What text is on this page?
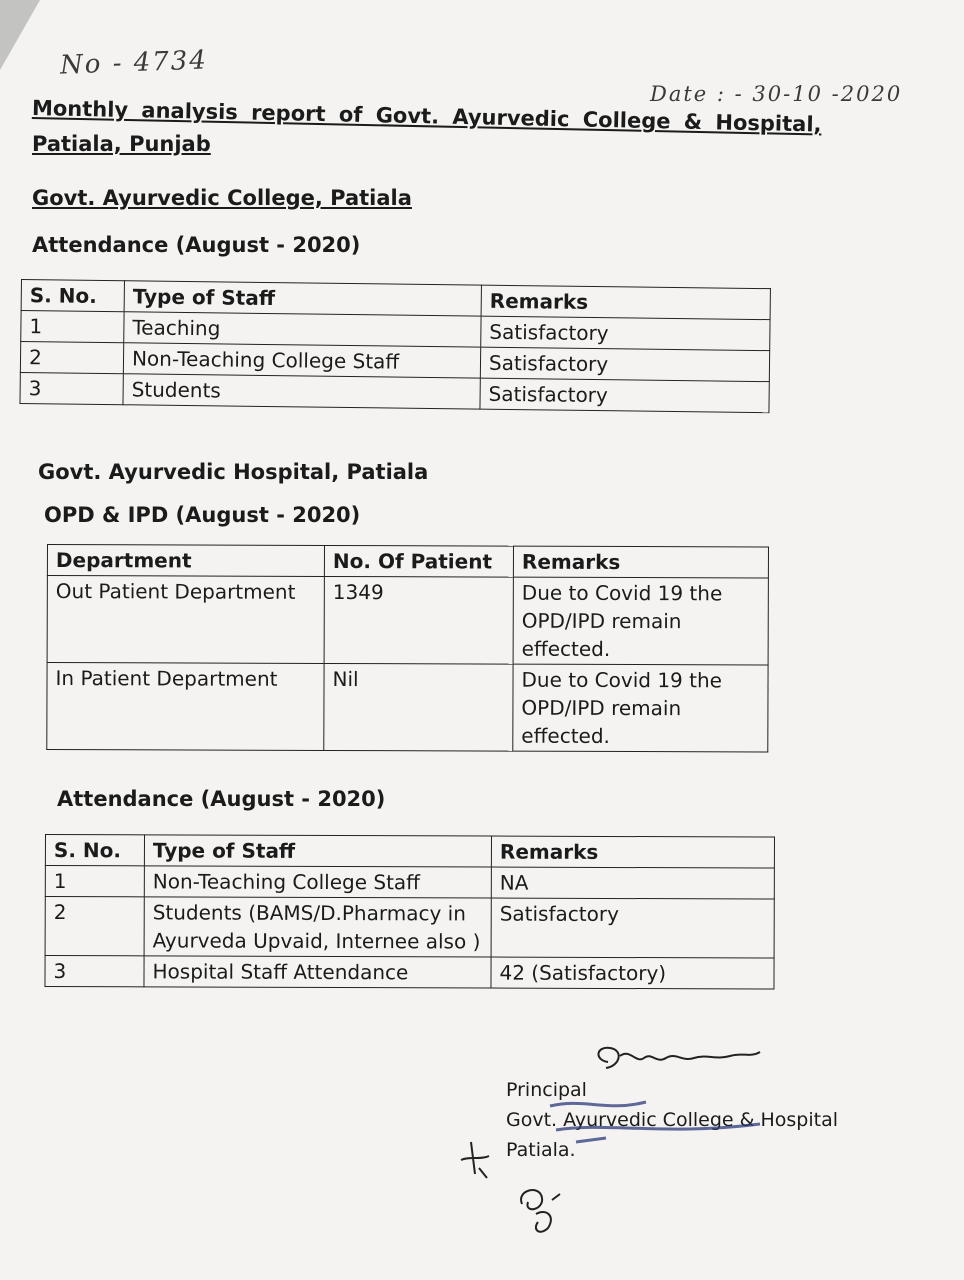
No - 4734
Date : - 30-10 -2020
Monthly analysis report of Govt. Ayurvedic College & Hospital,
Patiala, Punjab
Govt. Ayurvedic College, Patiala
Attendance (August - 2020)
S. No.	Type of Staff	Remarks
1	Teaching	Satisfactory
2	Non-Teaching College Staff	Satisfactory
3	Students	Satisfactory
Govt. Ayurvedic Hospital, Patiala
OPD & IPD (August - 2020)
Department	No. Of Patient	Remarks
Out Patient Department	1349	Due to Covid 19 the OPD/IPD remain effected.
In Patient Department	Nil	Due to Covid 19 the OPD/IPD remain effected.
Attendance (August - 2020)
S. No.	Type of Staff	Remarks
1	Non-Teaching College Staff	NA
2	Students (BAMS/D.Pharmacy in Ayurveda Upvaid, Internee also )	Satisfactory
3	Hospital Staff Attendance	42 (Satisfactory)
Principal
Govt. Ayurvedic College & Hospital
Patiala.
